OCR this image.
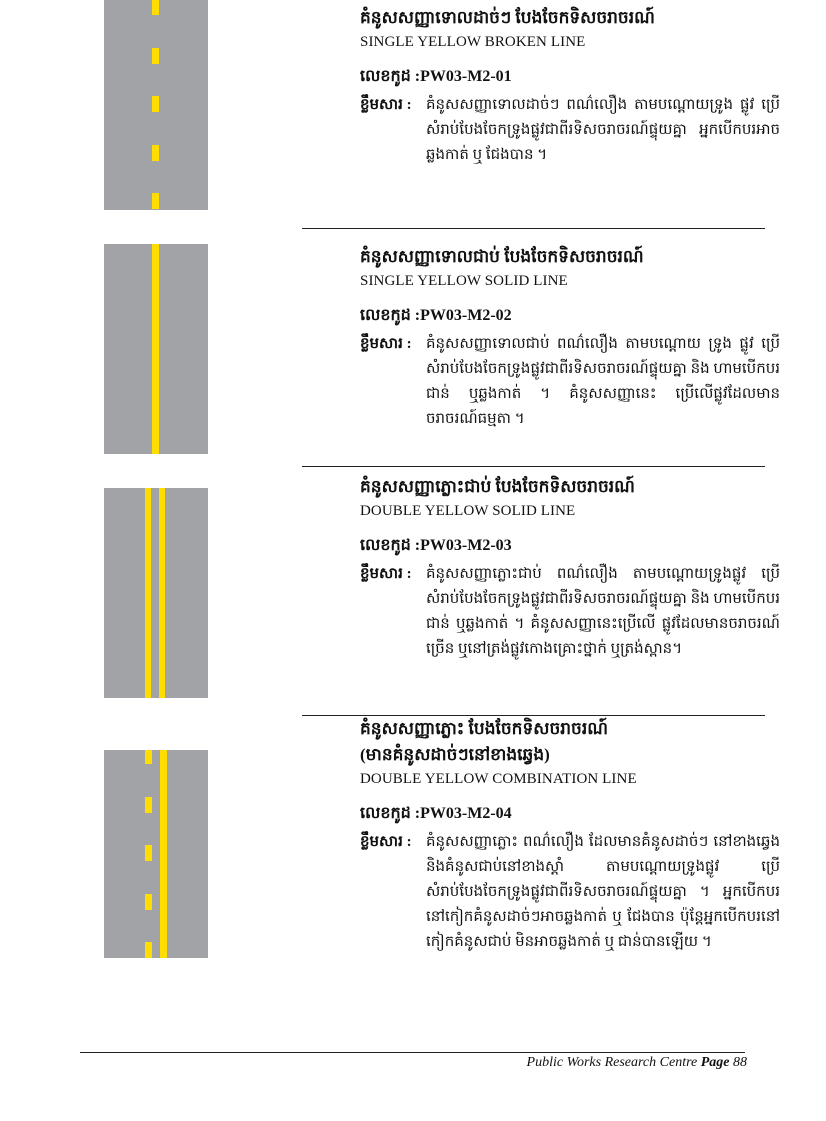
គំនូសសញ្ញាទោលដាច់ៗ បែងចែកទិសចរាចរណ៍
SINGLE YELLOW BROKEN LINE
លេខកូដ :PW03-M2-01
ខ្លឹមសារ : គំនូសសញ្ញាទោលដាច់ៗ ពណ៌លឿង តាមបណ្ដោយទ្រូង ផ្លូវ ប្រើសំរាប់បែងចែកទ្រូងផ្លូវជាពីរទិសចរាចរណ៍ផ្ទុយគ្នា អ្នកបើកបរអាចឆ្លងកាត់ ឬ ជែងបាន ។
គំនូសសញ្ញាទោលជាប់ បែងចែកទិសចរាចរណ៍
SINGLE YELLOW SOLID LINE
លេខកូដ :PW03-M2-02
ខ្លឹមសារ : គំនូសសញ្ញាទោលជាប់ ពណ៌លឿង តាមបណ្ដោយ ទ្រូង ផ្លូវ ប្រើសំរាប់បែងចែកទ្រូងផ្លូវជាពីរទិសចរាចរណ៍ផ្ទុយគ្នា និង ហាមបើកបរជាន់ ឬឆ្លងកាត់ ។ គំនូសសញ្ញានេះ ប្រើលើផ្លូវដែលមានចរាចរណ៍ធម្មតា ។
គំនូសសញ្ញាភ្លោះជាប់ បែងចែកទិសចរាចរណ៍
DOUBLE YELLOW SOLID LINE
លេខកូដ :PW03-M2-03
ខ្លឹមសារ : គំនូសសញ្ញាភ្លោះជាប់ ពណ៌លឿង តាមបណ្ដោយទ្រូងផ្លូវ ប្រើសំរាប់បែងចែកទ្រូងផ្លូវជាពីរទិសចរាចរណ៍ផ្ទុយគ្នា និង ហាមបើកបរជាន់ ឬឆ្លងកាត់ ។ គំនូសសញ្ញានេះប្រើលើ ផ្លូវដែលមានចរាចរណ៍ច្រើន ឬនៅត្រង់ផ្លូវកោងគ្រោះថ្នាក់ ឬត្រង់ស្ពាន។
គំនូសសញ្ញាភ្លោះ បែងចែកទិសចរាចរណ៍
(មានគំនូសដាច់ៗនៅខាងឆ្វេង)
DOUBLE YELLOW COMBINATION LINE
លេខកូដ :PW03-M2-04
ខ្លឹមសារ : គំនូសសញ្ញាភ្លោះ ពណ៌លឿង ដែលមានគំនូសដាច់ៗ នៅខាងឆ្វេង និងគំនូសជាប់នៅខាងស្ដាំ តាមបណ្ដោយទ្រូងផ្លូវ ប្រើសំរាប់បែងចែកទ្រូងផ្លូវជាពីរទិសចរាចរណ៍ផ្ទុយគ្នា ។ អ្នកបើកបរនៅកៀកគំនូសដាច់ៗអាចឆ្លងកាត់ ឬ ជែងបាន ប៉ុន្តែអ្នកបើកបរនៅកៀកគំនូសជាប់ មិនអាចឆ្លងកាត់ ឬ ជាន់បានឡើយ ។
Public Works Research Centre Page 88
